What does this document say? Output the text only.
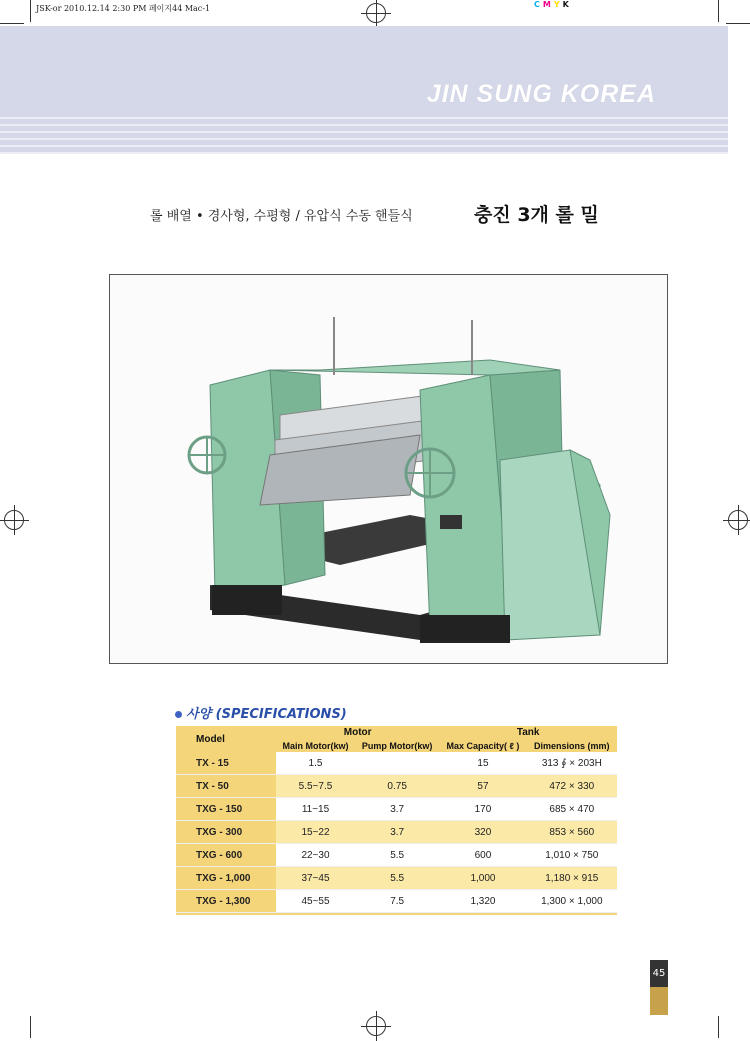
JSK-or 2010.12.14 2:30 PM 페이지44 Mac-1	CMYK
JIN SUNG KOREA
롤 배열 • 경사형, 수평형 / 유압식 수동 핸들식	충진 3개 롤 밀
사양 (SPECIFICATIONS)
Model	Motor		Tank	
	Main Motor(kw)	Pump Motor(kw)	Max Capacity( ℓ )	Dimensions (mm)
TX - 15	1.5		15	313 ∮ × 203H
TX - 50	5.5~7.5	0.75	57	472 × 330
TXG - 150	11~15	3.7	170	685 × 470
TXG - 300	15~22	3.7	320	853 × 560
TXG - 600	22~30	5.5	600	1,010 × 750
TXG - 1,000	37~45	5.5	1,000	1,180 × 915
TXG - 1,300	45~55	7.5	1,320	1,300 × 1,000

45
